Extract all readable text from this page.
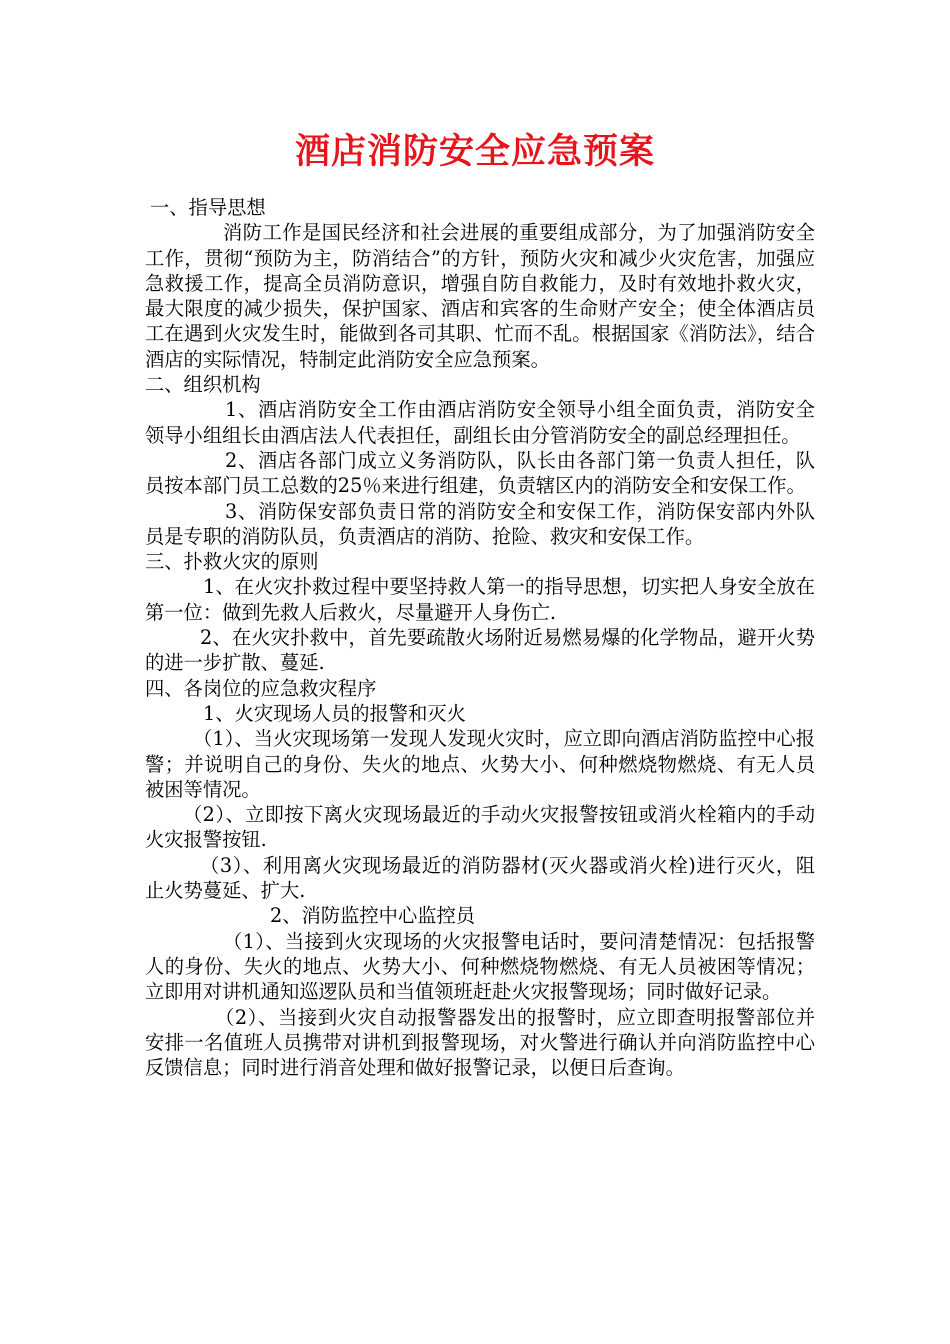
酒店消防安全应急预案

一、指导思想

消防工作是国民经济和社会进展的重要组成部分，为了加强消防安全工作，贯彻“预防为主，防消结合”的方针，预防火灾和减少火灾危害，加强应急救援工作，提高全员消防意识，增强自防自救能力，及时有效地扑救火灾，最大限度的减少损失，保护国家、酒店和宾客的生命财产安全；使全体酒店员工在遇到火灾发生时，能做到各司其职、忙而不乱。根据国家《消防法》，结合酒店的实际情况，特制定此消防安全应急预案。

二、组织机构

1、酒店消防安全工作由酒店消防安全领导小组全面负责，消防安全领导小组组长由酒店法人代表担任，副组长由分管消防安全的副总经理担任。

2、酒店各部门成立义务消防队，队长由各部门第一负责人担任，队员按本部门员工总数的25％来进行组建，负责辖区内的消防安全和安保工作。

3、消防保安部负责日常的消防安全和安保工作，消防保安部内外队员是专职的消防队员，负责酒店的消防、抢险、救灾和安保工作。

三、扑救火灾的原则

1、在火灾扑救过程中要坚持救人第一的指导思想，切实把人身安全放在第一位：做到先救人后救火，尽量避开人身伤亡.

2、在火灾扑救中，首先要疏散火场附近易燃易爆的化学物品，避开火势的进一步扩散、蔓延.

四、各岗位的应急救灾程序

1、火灾现场人员的报警和灭火

（1）、当火灾现场第一发现人发现火灾时，应立即向酒店消防监控中心报警；并说明自己的身份、失火的地点、火势大小、何种燃烧物燃烧、有无人员被困等情况。

（2）、立即按下离火灾现场最近的手动火灾报警按钮或消火栓箱内的手动火灾报警按钮.

（3）、利用离火灾现场最近的消防器材(灭火器或消火栓)进行灭火，阻止火势蔓延、扩大.

2、消防监控中心监控员

（1）、当接到火灾现场的火灾报警电话时，要问清楚情况：包括报警人的身份、失火的地点、火势大小、何种燃烧物燃烧、有无人员被困等情况；立即用对讲机通知巡逻队员和当值领班赶赴火灾报警现场；同时做好记录。

（2）、当接到火灾自动报警器发出的报警时，应立即查明报警部位并安排一名值班人员携带对讲机到报警现场，对火警进行确认并向消防监控中心反馈信息；同时进行消音处理和做好报警记录，以便日后查询。
